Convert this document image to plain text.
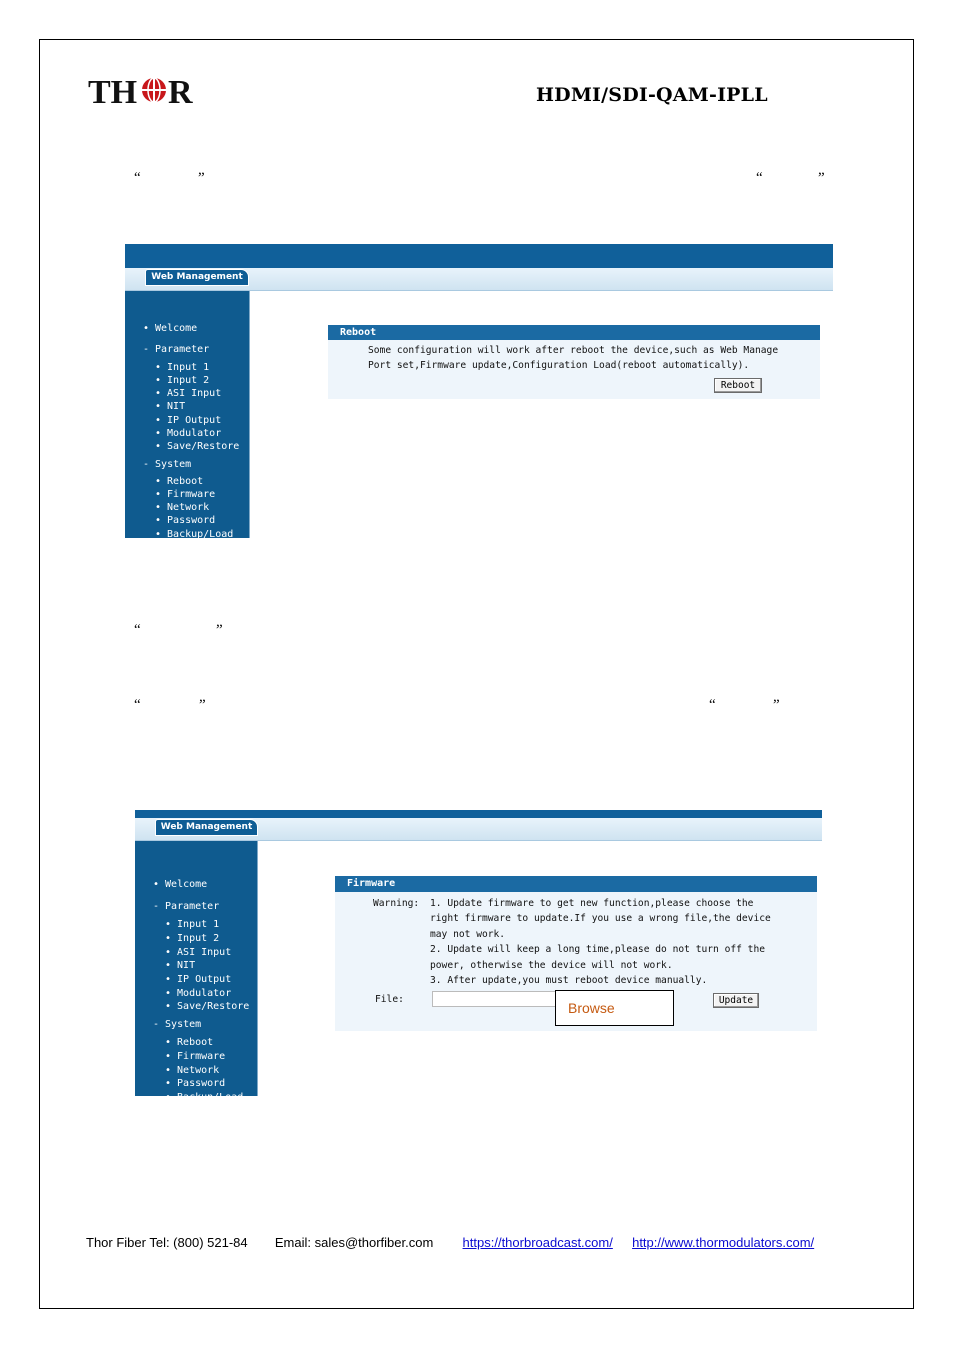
TH R	HDMI/SDI-QAM-IPLL
“	”	“	”
Web Management
• Welcome
- Parameter
• Input 1
• Input 2
• ASI Input
• NIT
• IP Output
• Modulator
• Save/Restore
- System
• Reboot
• Firmware
• Network
• Password
• Backup/Load
Reboot
Some configuration will work after reboot the device,such as Web Manage
Port set,Firmware update,Configuration Load(reboot automatically).
Reboot
“	”
“	”	“	”
Web Management
• Welcome
- Parameter
• Input 1
• Input 2
• ASI Input
• NIT
• IP Output
• Modulator
• Save/Restore
- System
• Reboot
• Firmware
• Network
• Password
• Backup/Load
Firmware
Warning: 1. Update firmware to get new function,please choose the
right firmware to update.If you use a wrong file,the device
may not work.
2. Update will keep a long time,please do not turn off the
power, otherwise the device will not work.
3. After update,you must reboot device manually.
File:	Update
Browse
Thor Fiber Tel: (800) 521-84 Email: sales@thorfiber.com https://thorbroadcast.com/ http://www.thormodulators.com/
